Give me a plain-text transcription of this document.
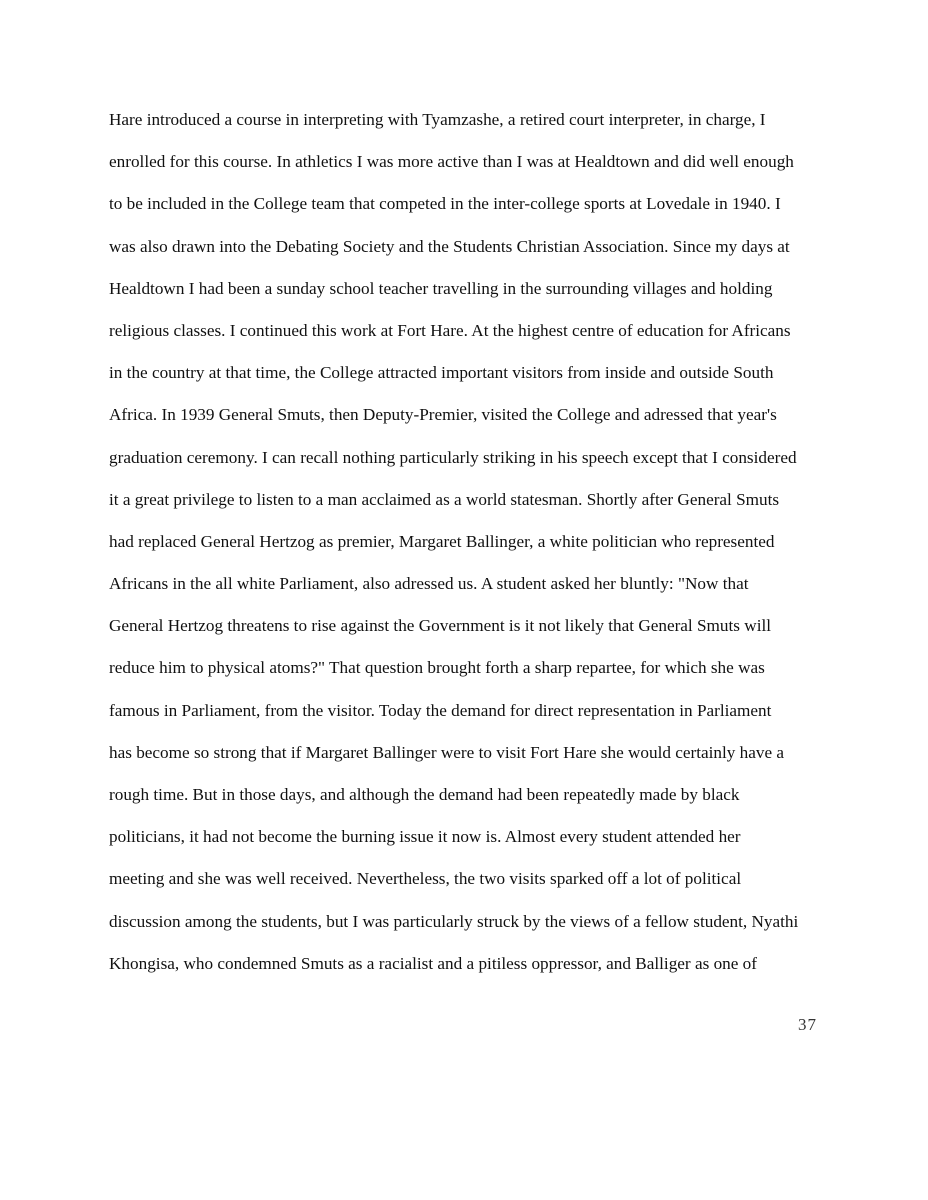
Hare introduced a course in interpreting with Tyamzashe, a retired court interpreter, in charge, I
enrolled for this course. In athletics I was more active than I was at Healdtown and did well enough
to be included in the College team that competed in the inter-college sports at Lovedale in 1940. I
was also drawn into the Debating Society and the Students Christian Association. Since my days at
Healdtown I had been a sunday school teacher travelling in the surrounding villages and holding
religious classes. I continued this work at Fort Hare. At the highest centre of education for Africans
in the country at that time, the College attracted important visitors from inside and outside South
Africa. In 1939 General Smuts, then Deputy-Premier, visited the College and adressed that year's
graduation ceremony. I can recall nothing particularly striking in his speech except that I considered
it a great privilege to listen to a man acclaimed as a world statesman. Shortly after General Smuts
had replaced General Hertzog as premier, Margaret Ballinger, a white politician who represented
Africans in the all white Parliament, also adressed us. A student asked her bluntly: "Now that
General Hertzog threatens to rise against the Government is it not likely that General Smuts will
reduce him to physical atoms?" That question brought forth a sharp repartee, for which she was
famous in Parliament, from the visitor. Today the demand for direct representation in Parliament
has become so strong that if Margaret Ballinger were to visit Fort Hare she would certainly have a
rough time. But in those days, and although the demand had been repeatedly made by black
politicians, it had not become the burning issue it now is. Almost every student attended her
meeting and she was well received. Nevertheless, the two visits sparked off a lot of political
discussion among the students, but I was particularly struck by the views of a fellow student, Nyathi
Khongisa, who condemned Smuts as a racialist and a pitiless oppressor, and Balliger as one of
37
